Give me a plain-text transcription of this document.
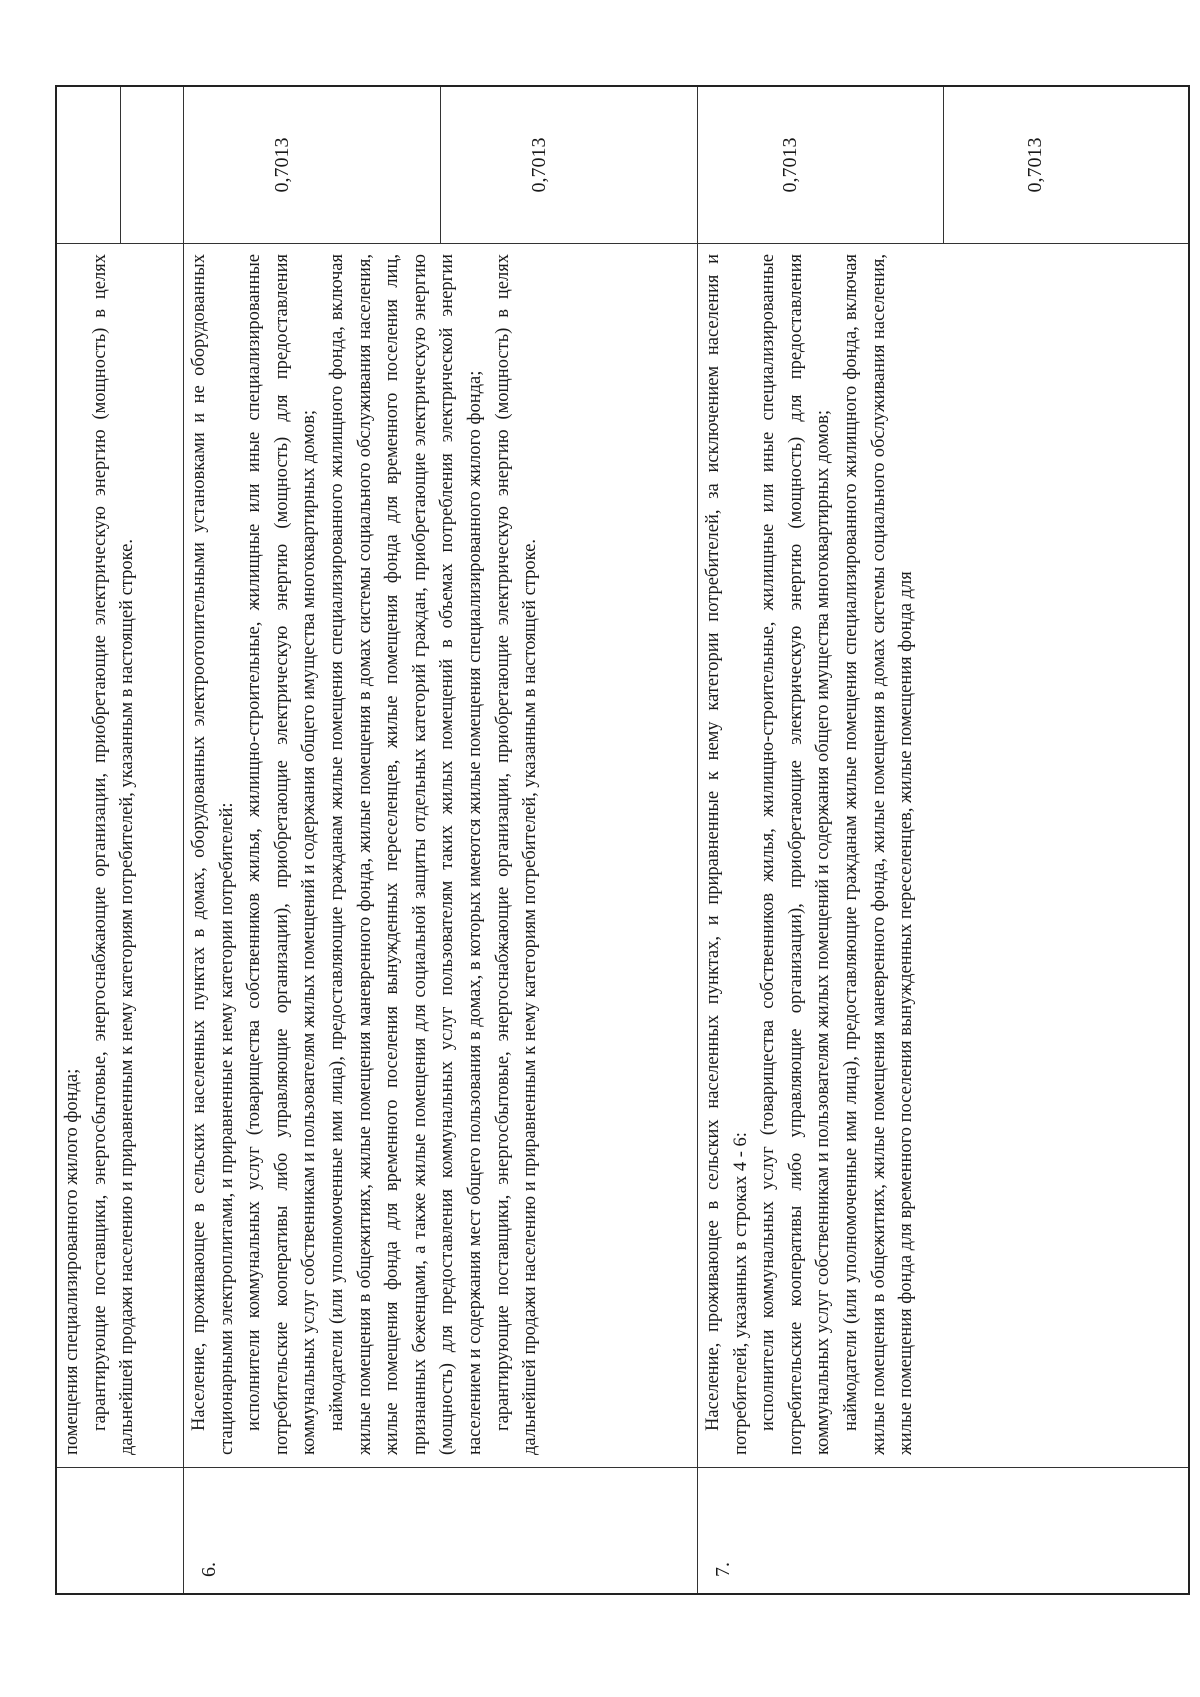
помещения специализированного жилого фонда; гарантирующие поставщики, энергосбытовые, энергоснабжающие организации, приобретающие электрическую энергию (мощность) в целях дальнейшей продажи населению и приравненным к нему категориям потребителей, указанным в настоящей строке.

6.

Население, проживающее в сельских населенных пунктах в домах, оборудованных электроотопительными установками и не оборудованных стационарными электроплитами, и приравненные к нему категории потребителей: исполнители коммунальных услуг (товарищества собственников жилья, жилищно-строительные, жилищные или иные специализированные потребительские кооперативы либо управляющие организации), приобретающие электрическую энергию (мощность) для предоставления коммунальных услуг собственникам и пользователям жилых помещений и содержания общего имущества многоквартирных домов; наймодатели (или уполномоченные ими лица), предоставляющие гражданам жилые помещения специализированного жилищного фонда, включая жилые помещения в общежитиях, жилые помещения маневренного фонда, жилые помещения в домах системы социального обслуживания населения, жилые помещения фонда для временного поселения вынужденных переселенцев, жилые помещения фонда для временного поселения лиц, признанных беженцами, а также жилые помещения для социальной защиты отдельных категорий граждан, приобретающие электрическую энергию (мощность) для предоставления коммунальных услуг пользователям таких жилых помещений в объемах потребления электрической энергии населением и содержания мест общего пользования в домах, в которых имеются жилые помещения специализированного жилого фонда; гарантирующие поставщики, энергосбытовые, энергоснабжающие организации, приобретающие электрическую энергию (мощность) в целях дальнейшей продажи населению и приравненным к нему категориям потребителей, указанным в настоящей строке.

0,7013	0,7013
7.

Население, проживающее в сельских населенных пунктах, и приравненные к нему категории потребителей, за исключением населения и потребителей, указанных в строках 4 - 6: исполнители коммунальных услуг (товарищества собственников жилья, жилищно-строительные, жилищные или иные специализированные потребительские кооперативы либо управляющие организации), приобретающие электрическую энергию (мощность) для предоставления коммунальных услуг собственникам и пользователям жилых помещений и содержания общего имущества многоквартирных домов; наймодатели (или уполномоченные ими лица), предоставляющие гражданам жилые помещения специализированного жилищного фонда, включая жилые помещения в общежитиях, жилые помещения маневренного фонда, жилые помещения в домах системы социального обслуживания населения, жилые помещения фонда для временного поселения вынужденных переселенцев, жилые помещения фонда для

0,7013	0,7013
